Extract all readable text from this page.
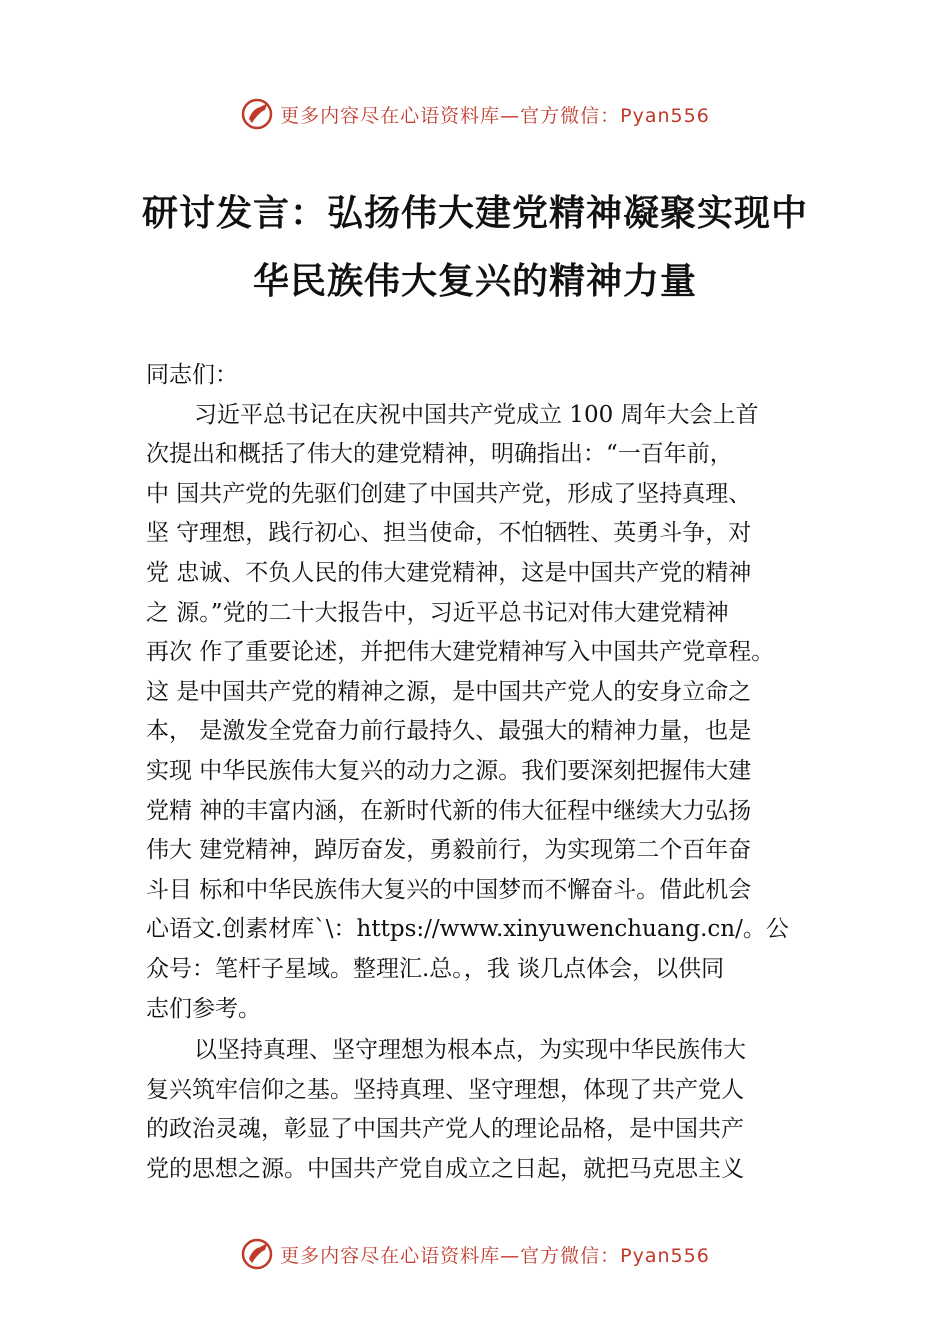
更多内容尽在心语资料库—官方微信：Pyan556
研讨发言：弘扬伟大建党精神凝聚实现中
华民族伟大复兴的精神力量
同志们：
习近平总书记在庆祝中国共产党成立 100 周年大会上首
次提出和概括了伟大的建党精神，明确指出：“一百年前，
中 国共产党的先驱们创建了中国共产党，形成了坚持真理、
坚 守理想，践行初心、担当使命，不怕牺牲、英勇斗争，对
党 忠诚、不负人民的伟大建党精神，这是中国共产党的精神
之 源。”党的二十大报告中，习近平总书记对伟大建党精神
再次 作了重要论述，并把伟大建党精神写入中国共产党章程。
这 是中国共产党的精神之源，是中国共产党人的安身立命之
本， 是激发全党奋力前行最持久、最强大的精神力量，也是
实现 中华民族伟大复兴的动力之源。我们要深刻把握伟大建
党精 神的丰富内涵，在新时代新的伟大征程中继续大力弘扬
伟大 建党精神，踔厉奋发，勇毅前行，为实现第二个百年奋
斗目 标和中华民族伟大复兴的中国梦而不懈奋斗。借此机会
心语文.创素材库`\：https://www.xinyuwenchuang.cn/。公
众号：笔杆子星域。整理汇.总。，我 谈几点体会，以供同
志们参考。
以坚持真理、坚守理想为根本点，为实现中华民族伟大
复兴筑牢信仰之基。坚持真理、坚守理想，体现了共产党人
的政治灵魂，彰显了中国共产党人的理论品格，是中国共产
党的思想之源。中国共产党自成立之日起，就把马克思主义
更多内容尽在心语资料库—官方微信：Pyan556
